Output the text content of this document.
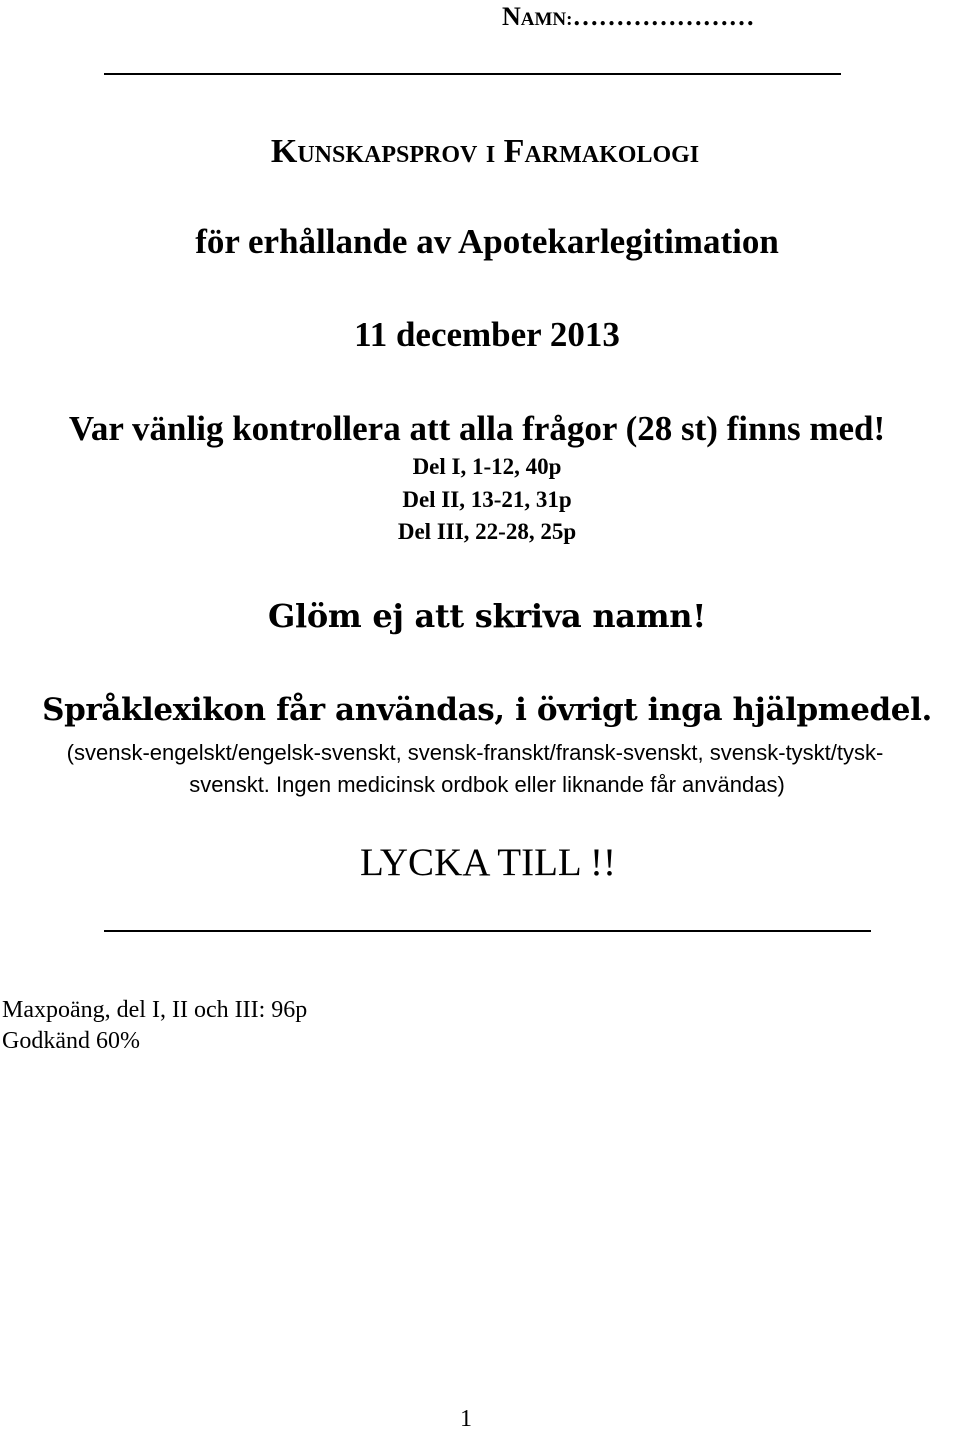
NAMN:…………………
KUNSKAPSPROV I FARMAKOLOGI
för erhållande av Apotekarlegitimation
11 december 2013
Var vänlig kontrollera att alla frågor (28 st) finns med!
Del I, 1-12, 40p
Del II, 13-21, 31p
Del III, 22-28, 25p
Glöm ej att skriva namn!
Språklexikon får användas, i övrigt inga hjälpmedel.
(svensk-engelskt/engelsk-svenskt, svensk-franskt/fransk-svenskt, svensk-tyskt/tysk-
svenskt. Ingen medicinsk ordbok eller liknande får användas)
LYCKA TILL !!
Maxpoäng, del I, II och III: 96p
Godkänd 60%
1
